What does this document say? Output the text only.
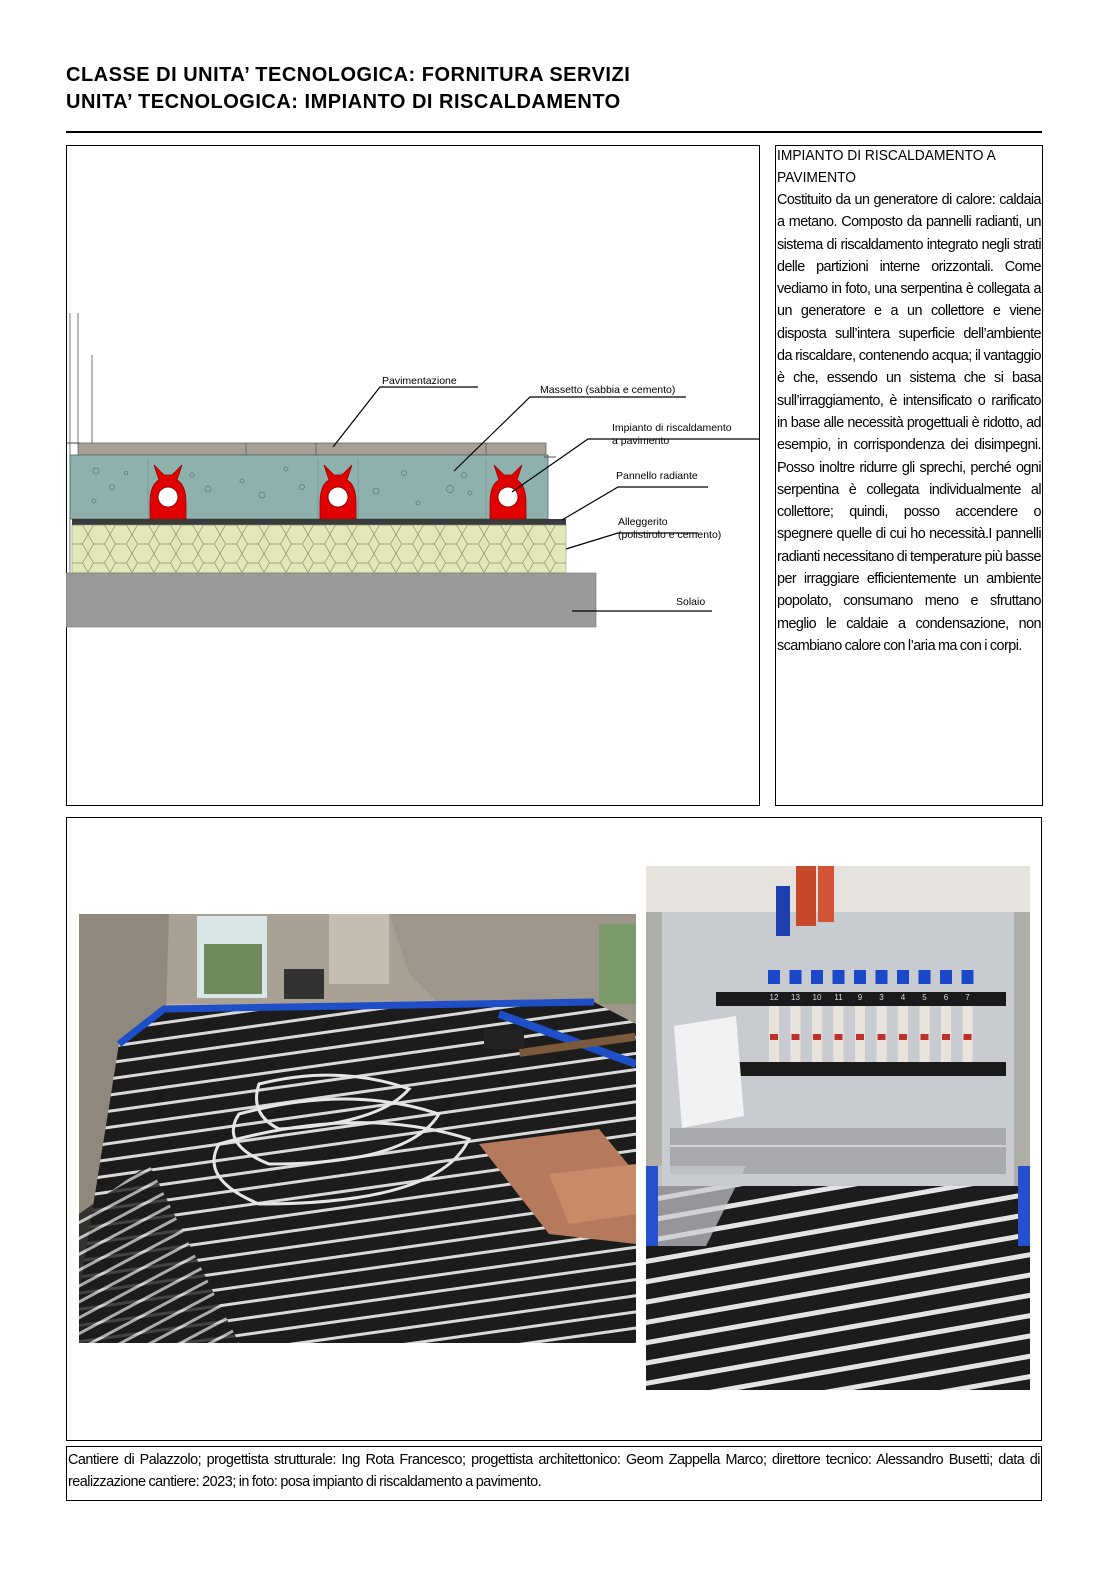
CLASSE DI UNITA’ TECNOLOGICA: FORNITURA SERVIZI
UNITA’ TECNOLOGICA: IMPIANTO DI RISCALDAMENTO
Pavimentazione
Massetto (sabbia e cemento)
Impianto di riscaldamento
a pavimento
Pannello radiante
Alleggerito
(polistirolo e cemento)
Solaio
IMPIANTO DI RISCALDAMENTO A PAVIMENTO
Costituito da un generatore di calore: caldaia a metano. Composto da pannelli radianti, un sistema di riscaldamento integrato negli strati delle partizioni interne orizzontali. Come vediamo in foto, una serpentina è collegata a un generatore e a un collettore e viene disposta sull’intera superficie dell’ambiente da riscaldare, contenendo acqua; il vantaggio è che, essendo un sistema che si basa sull’irraggiamento, è intensificato o rarificato in base alle necessità progettuali è ridotto, ad esempio, in corrispondenza dei disimpegni. Posso inoltre ridurre gli sprechi, perché ogni serpentina è collegata individualmente al collettore; quindi, posso accendere o spegnere quelle di cui ho necessità.I pannelli radianti necessitano di temperature più basse per irraggiare efficientemente un ambiente popolato, consumano meno e sfruttano meglio le caldaie a condensazione, non scambiano calore con l’aria ma con i corpi.
12 13 10 11 9 3 4 5 6 7
Cantiere di Palazzolo; progettista strutturale: Ing Rota Francesco; progettista architettonico: Geom Zappella Marco; direttore tecnico: Alessandro Busetti; data di realizzazione cantiere: 2023; in foto: posa impianto di riscaldamento a pavimento.
